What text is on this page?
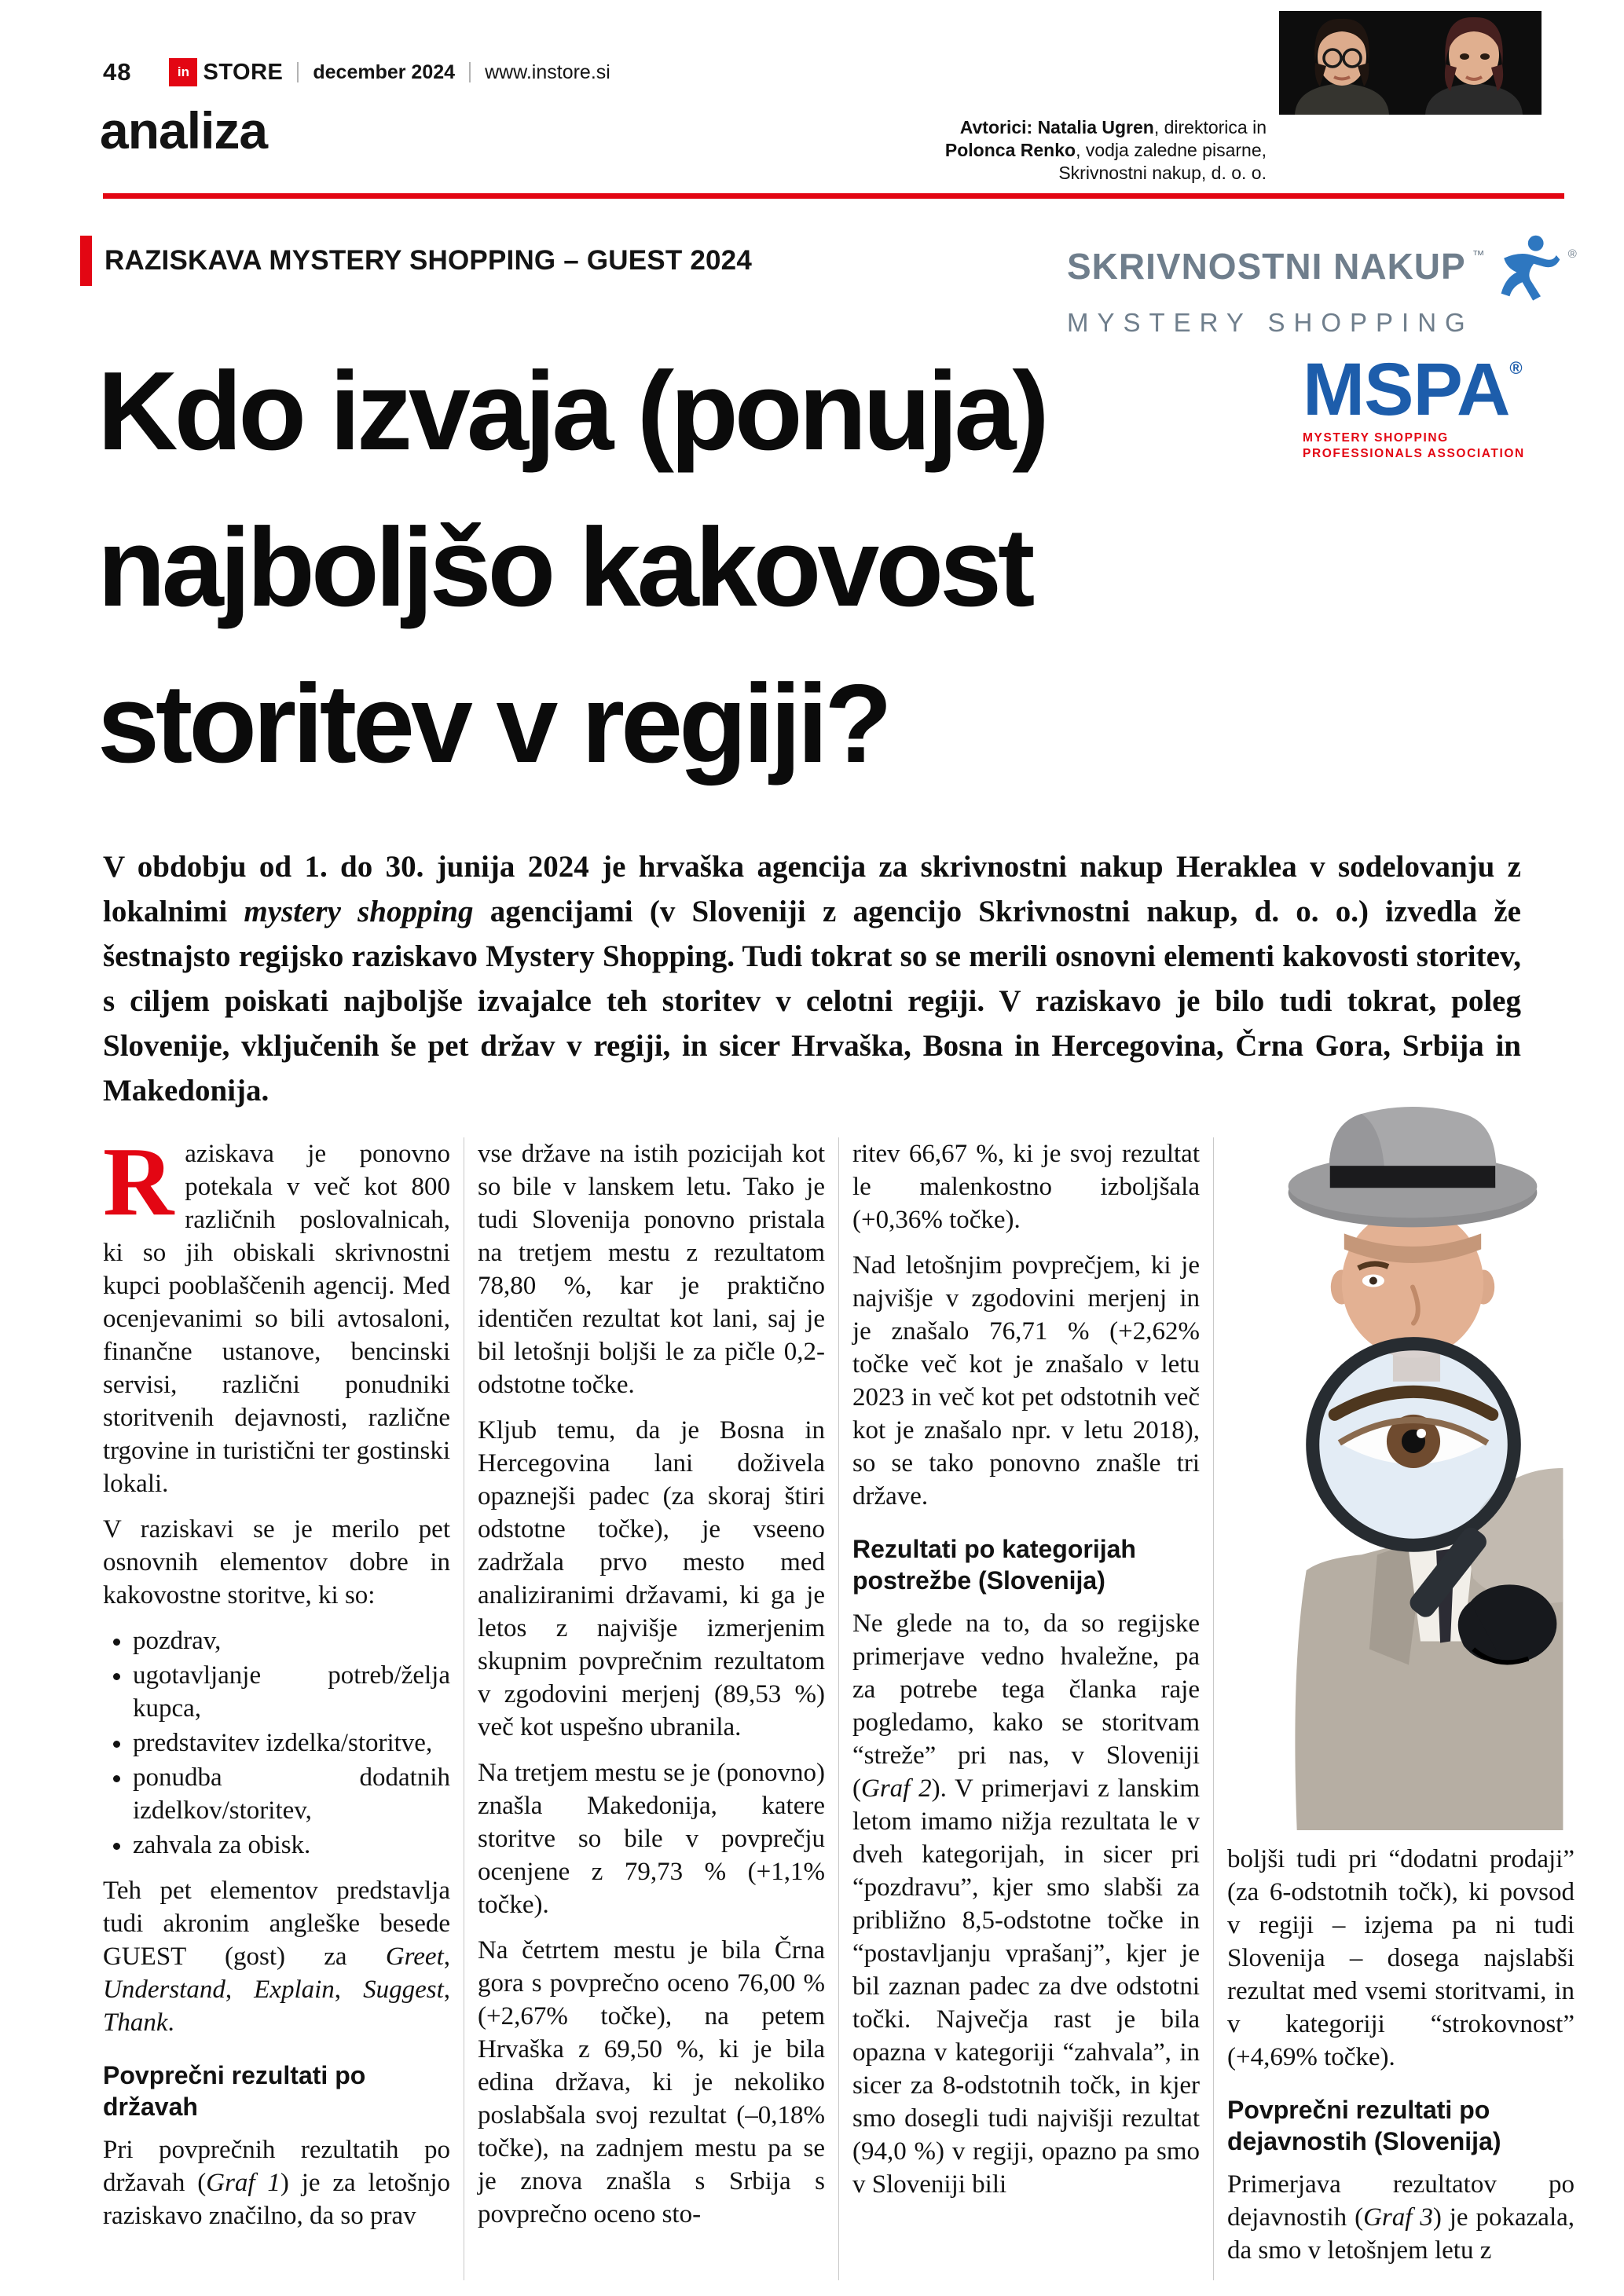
48	in STORE december 2024 www.instore.si
analiza	Avtorici: Natalia Ugren, direktorica in
Polonca Renko, vodja zaledne pisarne,
Skrivnostni nakup, d. o. o.
RAZISKAVA MYSTERY SHOPPING – GUEST 2024	SKRIVNOSTNI NAKUP ™	®
MYSTERY SHOPPING
MSPA ®
MYSTERY SHOPPING
PROFESSIONALS ASSOCIATION
Kdo izvaja (ponuja)
najboljšo kakovost
storitev v regiji?

V obdobju od 1. do 30. junija 2024 je hrvaška agencija za skrivnostni nakup Heraklea v sodelovanju z lokalnimi mystery shopping agencijami (v Sloveniji z agencijo Skrivnostni nakup, d. o. o.) izvedla že šestnajsto regijsko raziskavo Mystery Shopping. Tudi tokrat so se merili osnovni elementi kakovosti storitev, s ciljem poiskati najboljše izvajalce teh storitev v celotni regiji. V raziskavo je bilo tudi tokrat, poleg Slovenije, vključenih še pet držav v regiji, in sicer Hrvaška, Bosna in Hercegovina, Črna Gora, Srbija in Makedonija.

Raziskava je ponovno potekala v več kot 800 različnih poslovalnicah, ki so jih obiskali skrivnostni kupci pooblaščenih agencij. Med ocenjevanimi so bili avtosaloni, finančne ustanove, bencinski servisi, različni ponudniki storitvenih dejavnosti, različne trgovine in turistični ter gostinski lokali.

V raziskavi se je merilo pet osnovnih elementov dobre in kakovostne storitve, ki so:

• pozdrav,
• ugotavljanje potreb/želja kupca,
• predstavitev izdelka/storitve,
• ponudba dodatnih izdelkov/storitev,
• zahvala za obisk.

Teh pet elementov predstavlja tudi akronim angleške besede GUEST (gost) za Greet, Understand, Explain, Suggest, Thank.

Povprečni rezultati po državah

Pri povprečnih rezultatih po državah (Graf 1) je za letošnjo raziskavo značilno, da so prav

vse države na istih pozicijah kot so bile v lanskem letu. Tako je tudi Slovenija ponovno pristala na tretjem mestu z rezultatom 78,80 %, kar je praktično identičen rezultat kot lani, saj je bil letošnji boljši le za pičle 0,2-odstotne točke.

Kljub temu, da je Bosna in Hercegovina lani doživela opaznejši padec (za skoraj štiri odstotne točke), je vseeno zadržala prvo mesto med analiziranimi državami, ki ga je letos z najvišje izmerjenim skupnim povprečnim rezultatom v zgodovini merjenj (89,53 %) več kot uspešno ubranila.

Na tretjem mestu se je (ponovno) znašla Makedonija, katere storitve so bile v povprečju ocenjene z 79,73 % (+1,1% točke).

Na četrtem mestu je bila Črna gora s povprečno oceno 76,00 % (+2,67% točke), na petem Hrvaška z 69,50 %, ki je bila edina država, ki je nekoliko poslabšala svoj rezultat (–0,18% točke), na zadnjem mestu pa se je znova znašla s Srbija s povprečno oceno sto-

ritev 66,67 %, ki je svoj rezultat le malenkostno izboljšala (+0,36% točke).

Nad letošnjim povprečjem, ki je najvišje v zgodovini merjenj in je znašalo 76,71 % (+2,62% točke več kot je znašalo v letu 2023 in več kot pet odstotnih več kot je znašalo npr. v letu 2018), so se tako ponovno znašle tri države.

Rezultati po kategorijah postrežbe (Slovenija)

Ne glede na to, da so regijske primerjave vedno hvaležne, pa za potrebe tega članka raje pogledamo, kako se storitvam “streže” pri nas, v Sloveniji (Graf 2). V primerjavi z lanskim letom imamo nižja rezultata le v dveh kategorijah, in sicer pri “pozdravu”, kjer smo slabši za približno 8,5-odstotne točke in “postavljanju vprašanj”, kjer je bil zaznan padec za dve odstotni točki. Največja rast je bila opazna v kategoriji “zahvala”, in sicer za 8-odstotnih točk, in kjer smo dosegli tudi najvišji rezultat (94,0 %) v regiji, opazno pa smo v Sloveniji bili

boljši tudi pri “dodatni prodaji” (za 6-odstotnih točk), ki povsod v regiji – izjema pa ni tudi Slovenija – dosega najslabši rezultat med vsemi storitvami, in v kategoriji “strokovnost” (+4,69% točke).

Povprečni rezultati po dejavnostih (Slovenija)

Primerjava rezultatov po dejavnostih (Graf 3) je pokazala, da smo v letošnjem letu z
